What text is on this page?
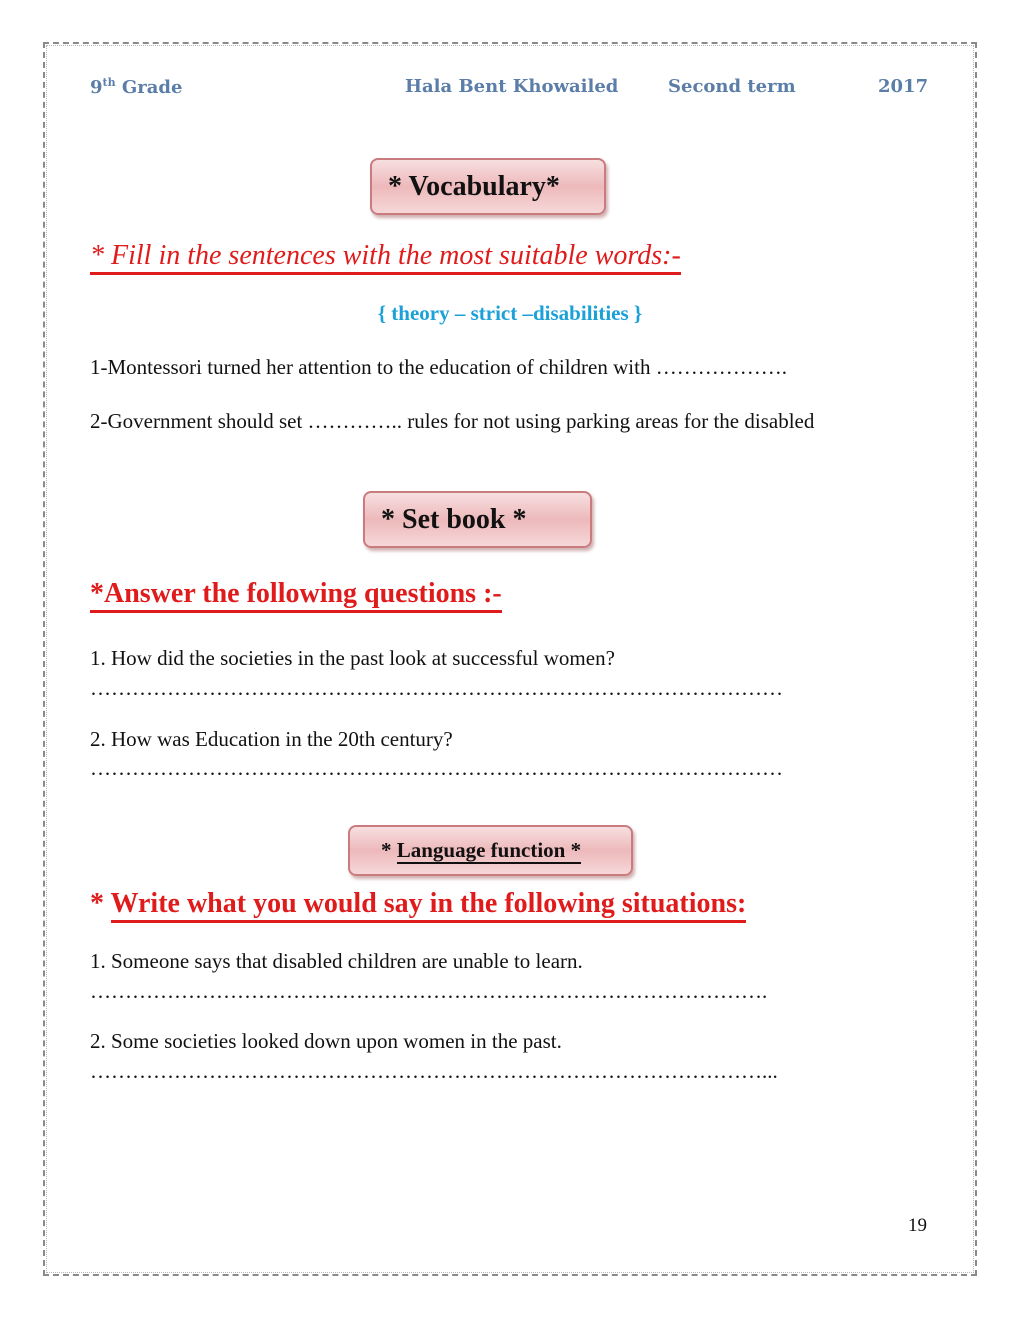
9th Grade	Hala Bent Khowailed	Second term	2017
* Vocabulary*
* Fill in the sentences with the most suitable words:-
{ theory – strict –disabilities }
1-Montessori turned her attention to the education of children with ……………….
2-Government should set ………….. rules for not using parking areas for the disabled
* Set book *
*Answer the following questions :-
1. How did the societies in the past look at successful women?
………………………………………………………………………………………
2. How was Education in the 20th century?
………………………………………………………………………………………
* Language function *
* Write what you would say in the following situations:
1. Someone says that disabled children are unable to learn.
…………………………………………………………………………………….
2. Some societies looked down upon women in the past.
……………………………………………………………………………………...
19
